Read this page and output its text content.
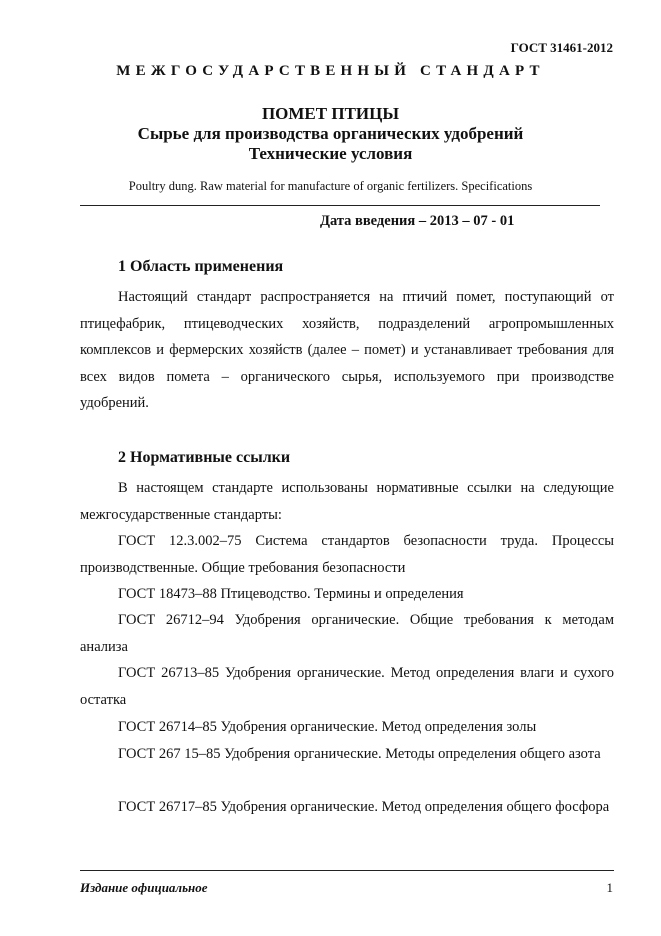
ГОСТ 31461-2012
МЕЖГОСУДАРСТВЕННЫЙ СТАНДАРТ
ПОМЕТ ПТИЦЫ
Сырье для производства органических удобрений
Технические условия
Poultry dung. Raw material for manufacture of organic fertilizers. Specifications
Дата введения – 2013 – 07 - 01
1 Область применения
Настоящий стандарт распространяется на птичий помет, поступающий от птицефабрик, птицеводческих хозяйств, подразделений агропромышленных комплексов и фермерских хозяйств (далее – помет) и устанавливает требования для всех видов помета – органического сырья, используемого при производстве удобрений.
2 Нормативные ссылки
В настоящем стандарте использованы нормативные ссылки на следующие межгосударственные стандарты:
ГОСТ 12.3.002–75 Система стандартов безопасности труда. Процессы производственные. Общие требования безопасности
ГОСТ 18473–88 Птицеводство. Термины и определения
ГОСТ 26712–94 Удобрения органические. Общие требования к методам анализа
ГОСТ 26713–85 Удобрения органические. Метод определения влаги и сухого остатка
ГОСТ 26714–85 Удобрения органические. Метод определения золы
ГОСТ 267 15–85 Удобрения органические. Методы определения общего азота
ГОСТ 26717–85 Удобрения органические. Метод определения общего фосфора
Издание официальное	1
